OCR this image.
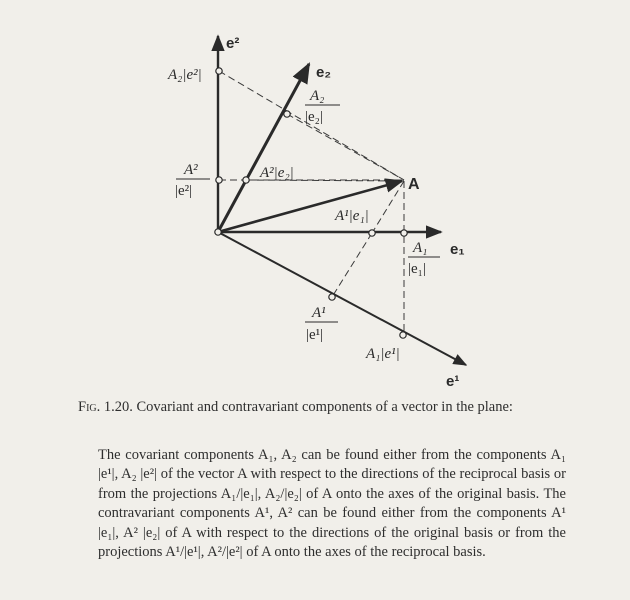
e²
e₂
e₁
e¹
A
A₂|e²|
A₂
|e₂|
A²
|e²|
A²|e₂|
A¹|e₁|
A₁
|e₁|
A¹
|e¹|
A₁|e¹|
Fig. 1.20. Covariant and contravariant components of a vector in the plane:
The covariant components A₁, A₂ can be found either from the components A₁ |e¹|, A₂ |e²| of the vector A with respect to the directions of the reciprocal basis or from the projections A₁/|e₁|, A₂/|e₂| of A onto the axes of the original basis. The contravariant components A¹, A² can be found either from the components A¹ |e₁|, A² |e₂| of A with respect to the directions of the original basis or from the projections A¹/|e¹|, A²/|e²| of A onto the axes of the reciprocal basis.
